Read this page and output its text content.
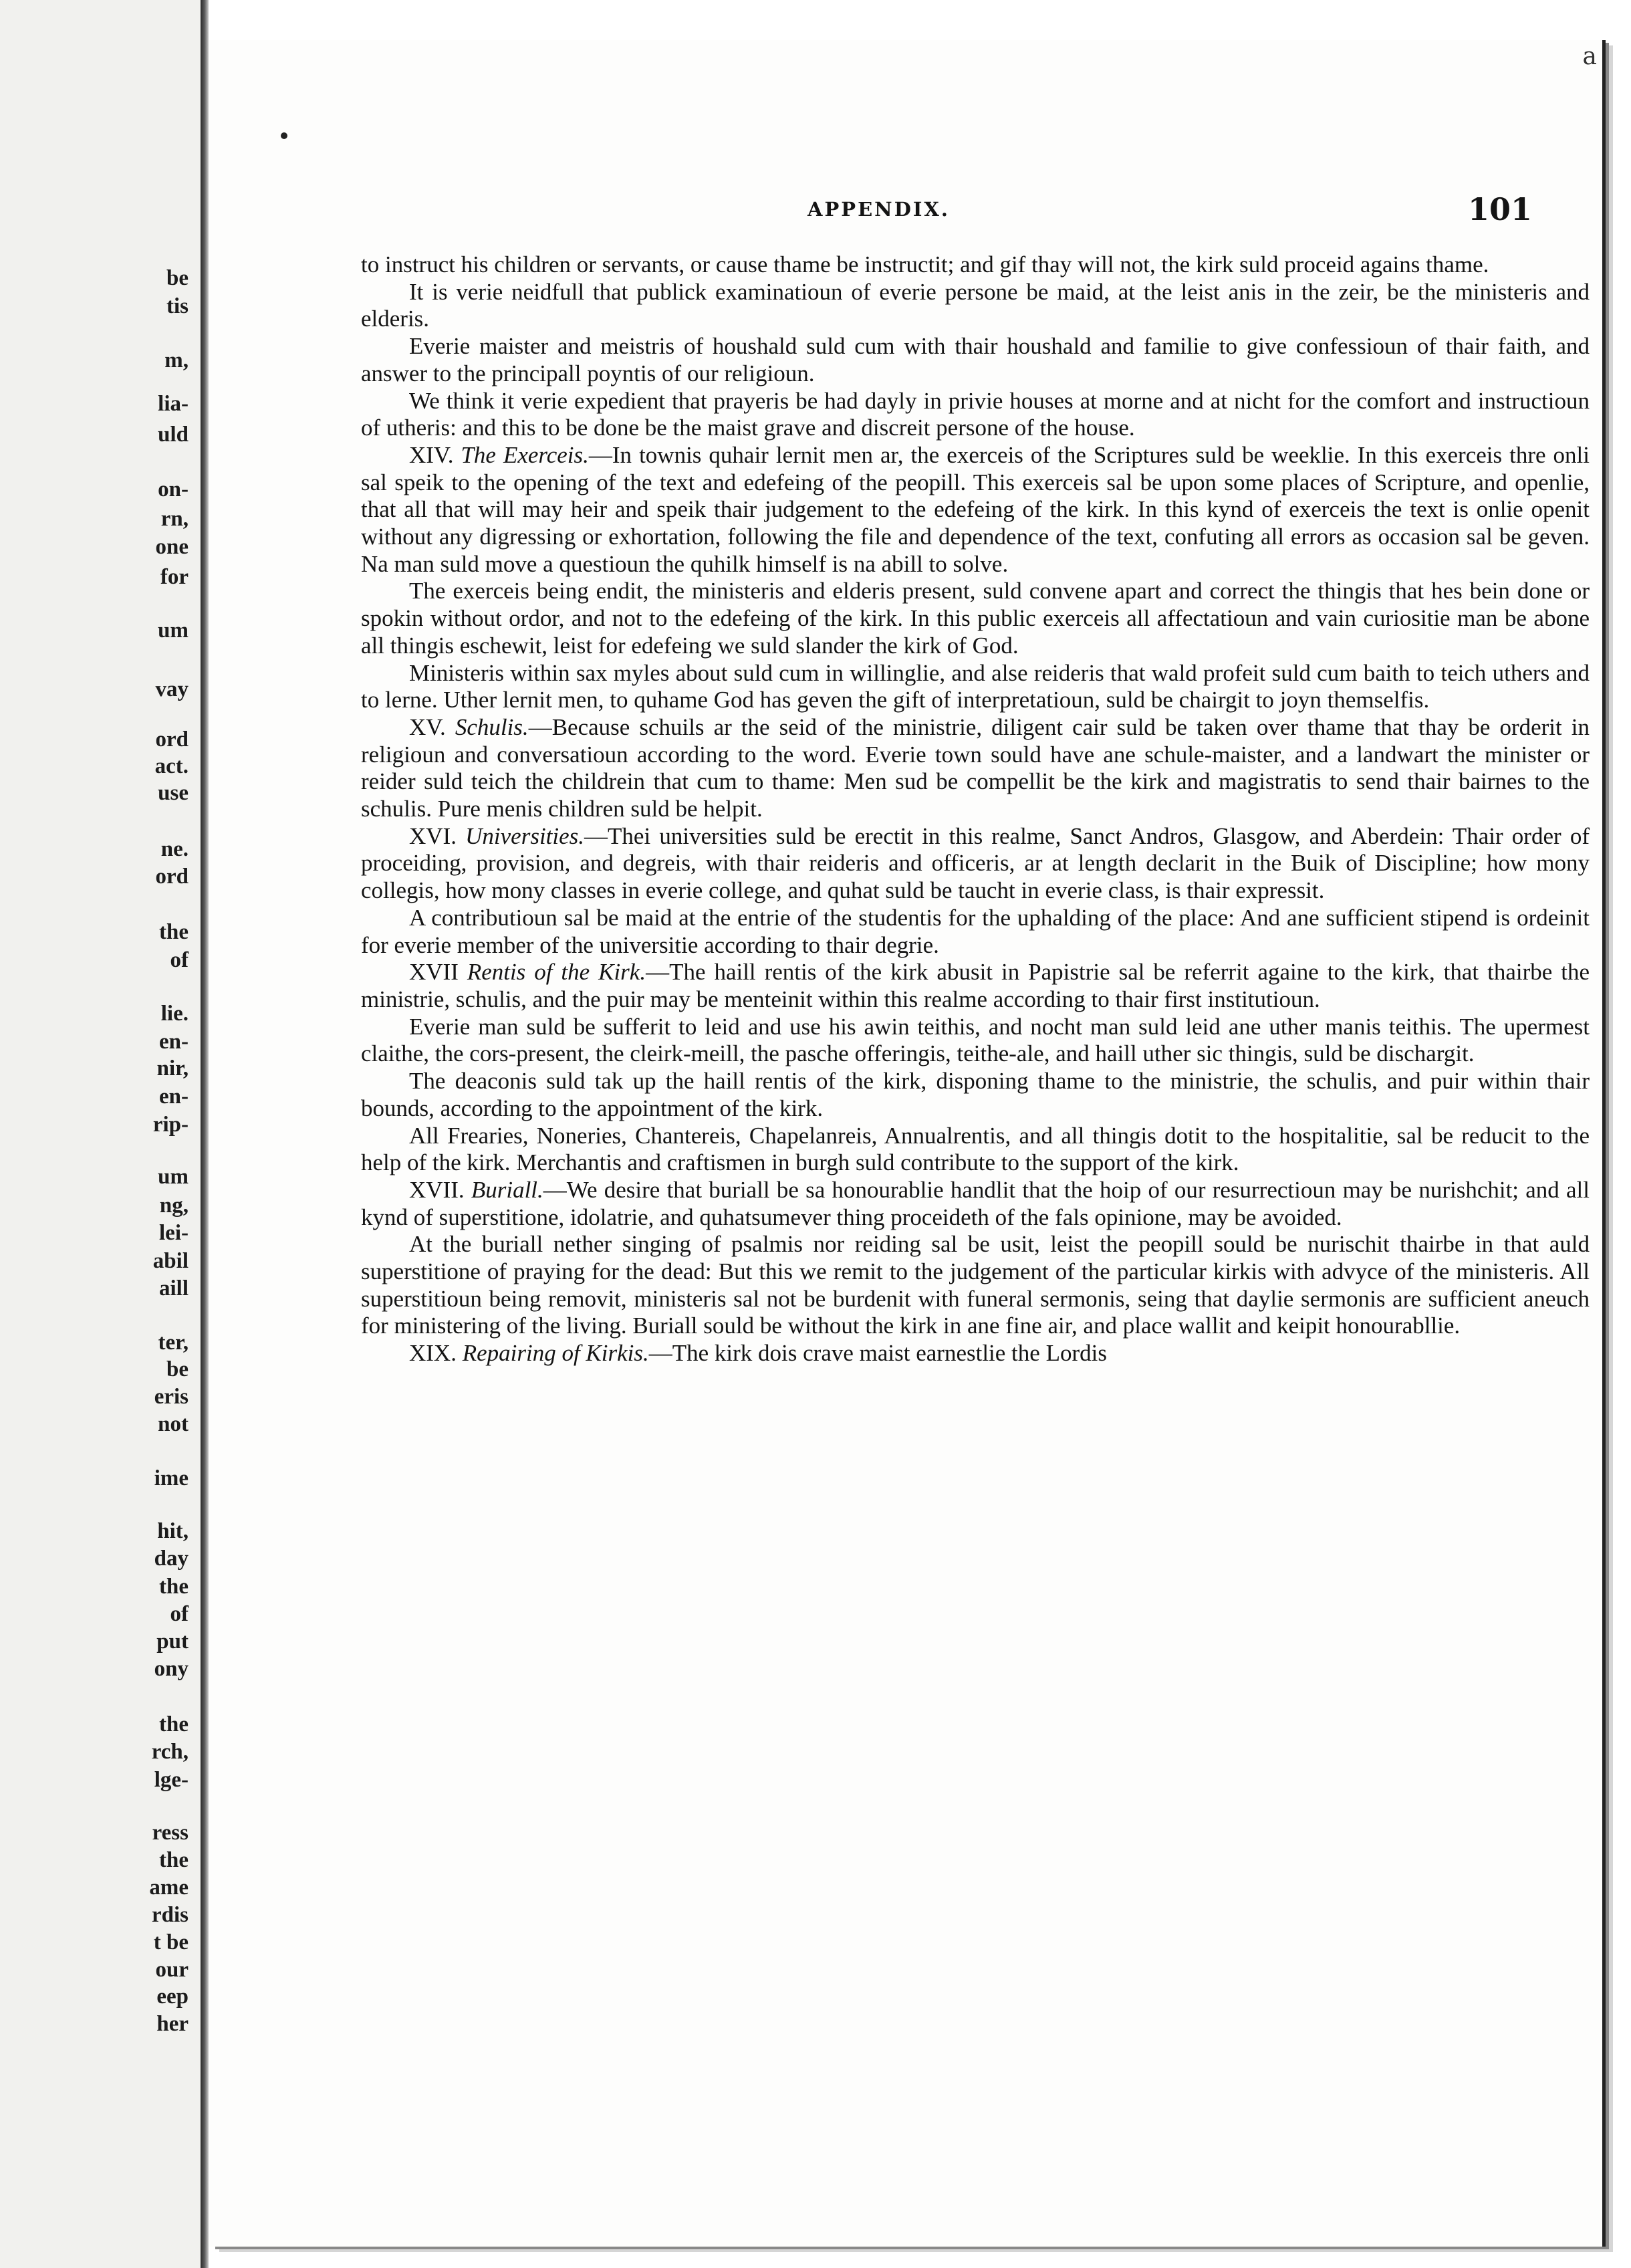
be
tis
m,
lia-
uld
on-
rn,
one
for
um
vay
ord
act.
use
ne.
ord
the
of
lie.
en-
nir,
en-
rip-
um
ng,
lei-
abil
aill
ter,
be
eris
not
ime
hit,
day
the
of
put
ony
the
rch,
lge-
ress
the
ame
rdis
t be
our
eep
her
a
APPENDIX.	101

to instruct his children or servants, or cause thame be instructit; and gif thay will not, the kirk suld proceid agains thame.

It is verie neidfull that publick examinatioun of everie persone be maid, at the leist anis in the zeir, be the ministeris and elderis.

Everie maister and meistris of houshald suld cum with thair houshald and familie to give confessioun of thair faith, and answer to the principall poyntis of our religioun.

We think it verie expedient that prayeris be had dayly in privie houses at morne and at nicht for the comfort and instructioun of utheris: and this to be done be the maist grave and discreit persone of the house.

XIV. The Exerceis.—In townis quhair lernit men ar, the exerceis of the Scriptures suld be weeklie. In this exerceis thre onli sal speik to the opening of the text and edefeing of the peopill. This exerceis sal be upon some places of Scripture, and openlie, that all that will may heir and speik thair judgement to the edefeing of the kirk. In this kynd of exerceis the text is onlie openit without any digressing or exhortation, following the file and dependence of the text, confuting all errors as occasion sal be geven. Na man suld move a questioun the quhilk himself is na abill to solve.

The exerceis being endit, the ministeris and elderis present, suld convene apart and correct the thingis that hes bein done or spokin without ordor, and not to the edefeing of the kirk. In this public exerceis all affectatioun and vain curiositie man be abone all thingis eschewit, leist for edefeing we suld slander the kirk of God.

Ministeris within sax myles about suld cum in willinglie, and alse reideris that wald profeit suld cum baith to teich uthers and to lerne. Uther lernit men, to quhame God has geven the gift of interpretatioun, suld be chairgit to joyn themselfis.

XV. Schulis.—Because schuils ar the seid of the ministrie, diligent cair suld be taken over thame that thay be orderit in religioun and conversatioun according to the word. Everie town sould have ane schule-maister, and a landwart the minister or reider suld teich the childrein that cum to thame: Men sud be compellit be the kirk and magistratis to send thair bairnes to the schulis. Pure menis children suld be helpit.

XVI. Universities.—Thei universities suld be erectit in this realme, Sanct Andros, Glasgow, and Aberdein: Thair order of proceiding, provision, and degreis, with thair reideris and officeris, ar at length declarit in the Buik of Discipline; how mony collegis, how mony classes in everie college, and quhat suld be taucht in everie class, is thair expressit.

A contributioun sal be maid at the entrie of the studentis for the uphalding of the place: And ane sufficient stipend is ordeinit for everie member of the universitie according to thair degrie.

XVII Rentis of the Kirk.—The haill rentis of the kirk abusit in Papistrie sal be referrit againe to the kirk, that thairbe the ministrie, schulis, and the puir may be menteinit within this realme according to thair first institutioun.

Everie man suld be sufferit to leid and use his awin teithis, and nocht man suld leid ane uther manis teithis. The upermest claithe, the cors-present, the cleirk-meill, the pasche offeringis, teithe-ale, and haill uther sic thingis, suld be dischargit.

The deaconis suld tak up the haill rentis of the kirk, disponing thame to the ministrie, the schulis, and puir within thair bounds, according to the appointment of the kirk.

All Frearies, Noneries, Chantereis, Chapelanreis, Annualrentis, and all thingis dotit to the hospitalitie, sal be reducit to the help of the kirk. Merchantis and craftismen in burgh suld contribute to the support of the kirk.

XVII. Buriall.—We desire that buriall be sa honourablie handlit that the hoip of our resurrectioun may be nurishchit; and all kynd of superstitione, idolatrie, and quhatsumever thing proceideth of the fals opinione, may be avoided.

At the buriall nether singing of psalmis nor reiding sal be usit, leist the peopill sould be nurischit thairbe in that auld superstitione of praying for the dead: But this we remit to the judgement of the particular kirkis with advyce of the ministeris. All superstitioun being removit, ministeris sal not be burdenit with funeral sermonis, seing that daylie sermonis are sufficient aneuch for ministering of the living. Buriall sould be without the kirk in ane fine air, and place wallit and keipit honourabllie.

XIX. Repairing of Kirkis.—The kirk dois crave maist earnestlie the Lordis
